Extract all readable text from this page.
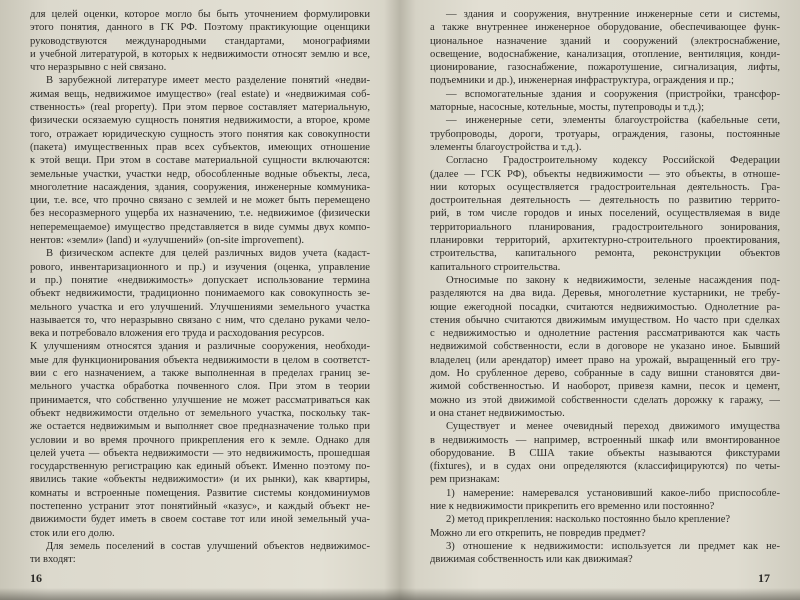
для целей оценки, которое могло бы быть уточнением формулировки
этого понятия, данного в ГК РФ. Поэтому практикующие оценщики
руководствуются международными стандартами, монографиями
и учебной литературой, в которых к недвижимости относят землю и все,
что неразрывно с ней связано.
В зарубежной литературе имеет место разделение понятий «недви-
жимая вещь, недвижимое имущество» (real estate) и «недвижимая соб-
ственность» (real property). При этом первое составляет материальную,
физически осязаемую сущность понятия недвижимости, а второе, кроме
того, отражает юридическую сущность этого понятия как совокупности
(пакета) имущественных прав всех субъектов, имеющих отношение
к этой вещи. При этом в составе материальной сущности включаются:
земельные участки, участки недр, обособленные водные объекты, леса,
многолетние насаждения, здания, сооружения, инженерные коммуника-
ции, т.е. все, что прочно связано с землей и не может быть перемещено
без несоразмерного ущерба их назначению, т.е. недвижимое (физически
неперемещаемое) имущество представляется в виде суммы двух компо-
нентов: «земли» (land) и «улучшений» (on-site improvement).
В физическом аспекте для целей различных видов учета (кадаст-
рового, инвентаризационного и пр.) и изучения (оценка, управление
и пр.) понятие «недвижимость» допускает использование термина
объект недвижимости, традиционно понимаемого как совокупность зе-
мельного участка и его улучшений. Улучшениями земельного участка
называется то, что неразрывно связано с ним, что сделано руками чело-
века и потребовало вложения его труда и расходования ресурсов.
К улучшениям относятся здания и различные сооружения, необходи-
мые для функционирования объекта недвижимости в целом в соответст-
вии с его назначением, а также выполненная в пределах границ зе-
мельного участка обработка почвенного слоя. При этом в теории
принимается, что собственно улучшение не может рассматриваться как
объект недвижимости отдельно от земельного участка, поскольку так-
же остается недвижимым и выполняет свое предназначение только при
условии и во время прочного прикрепления его к земле. Однако для
целей учета — объекта недвижимости — это недвижимость, прошедшая
государственную регистрацию как единый объект. Именно поэтому по-
явились такие «объекты недвижимости» (и их рынки), как квартиры,
комнаты и встроенные помещения. Развитие системы кондоминиумов
постепенно устранит этот понятийный «казус», и каждый объект не-
движимости будет иметь в своем составе тот или иной земельный уча-
сток или его долю.
Для земель поселений в состав улучшений объектов недвижимос-
ти входят:
16
— здания и сооружения, внутренние инженерные сети и системы,
а также внутреннее инженерное оборудование, обеспечивающее функ-
циональное назначение зданий и сооружений (электроснабжение,
освещение, водоснабжение, канализация, отопление, вентиляция, конди-
ционирование, газоснабжение, пожаротушение, сигнализация, лифты,
подъемники и др.), инженерная инфраструктура, ограждения и пр.;
— вспомогательные здания и сооружения (пристройки, трансфор-
маторные, насосные, котельные, мосты, путепроводы и т.д.);
— инженерные сети, элементы благоустройства (кабельные сети,
трубопроводы, дороги, тротуары, ограждения, газоны, постоянные
элементы благоустройства и т.д.).
Согласно Градостроительному кодексу Российской Федерации
(далее — ГСК РФ), объекты недвижимости — это объекты, в отноше-
нии которых осуществляется градостроительная деятельность. Гра-
достроительная деятельность — деятельность по развитию террито-
рий, в том числе городов и иных поселений, осуществляемая в виде
территориального планирования, градостроительного зонирования,
планировки территорий, архитектурно-строительного проектирования,
строительства, капитального ремонта, реконструкции объектов
капитального строительства.
Относимые по закону к недвижимости, зеленые насаждения под-
разделяются на два вида. Деревья, многолетние кустарники, не требу-
ющие ежегодной посадки, считаются недвижимостью. Однолетние ра-
стения обычно считаются движимым имуществом. Но часто при сделках
с недвижимостью и однолетние растения рассматриваются как часть
недвижимой собственности, если в договоре не указано иное. Бывший
владелец (или арендатор) имеет право на урожай, выращенный его тру-
дом. Но срубленное дерево, собранные в саду вишни становятся дви-
жимой собственностью. И наоборот, привезя камни, песок и цемент,
можно из этой движимой собственности сделать дорожку к гаражу, —
и она станет недвижимостью.
Существует и менее очевидный переход движимого имущества
в недвижимость — например, встроенный шкаф или вмонтированное
оборудование. В США такие объекты называются фикстурами
(fixtures), и в судах они определяются (классифицируются) по четы-
рем признакам:
1) намерение: намеревался установивший какое-либо приспособле-
ние к недвижимости прикрепить его временно или постоянно?
2) метод прикрепления: насколько постоянно было крепление?
Можно ли его открепить, не повредив предмет?
3) отношение к недвижимости: используется ли предмет как не-
движимая собственность или как движимая?
17
